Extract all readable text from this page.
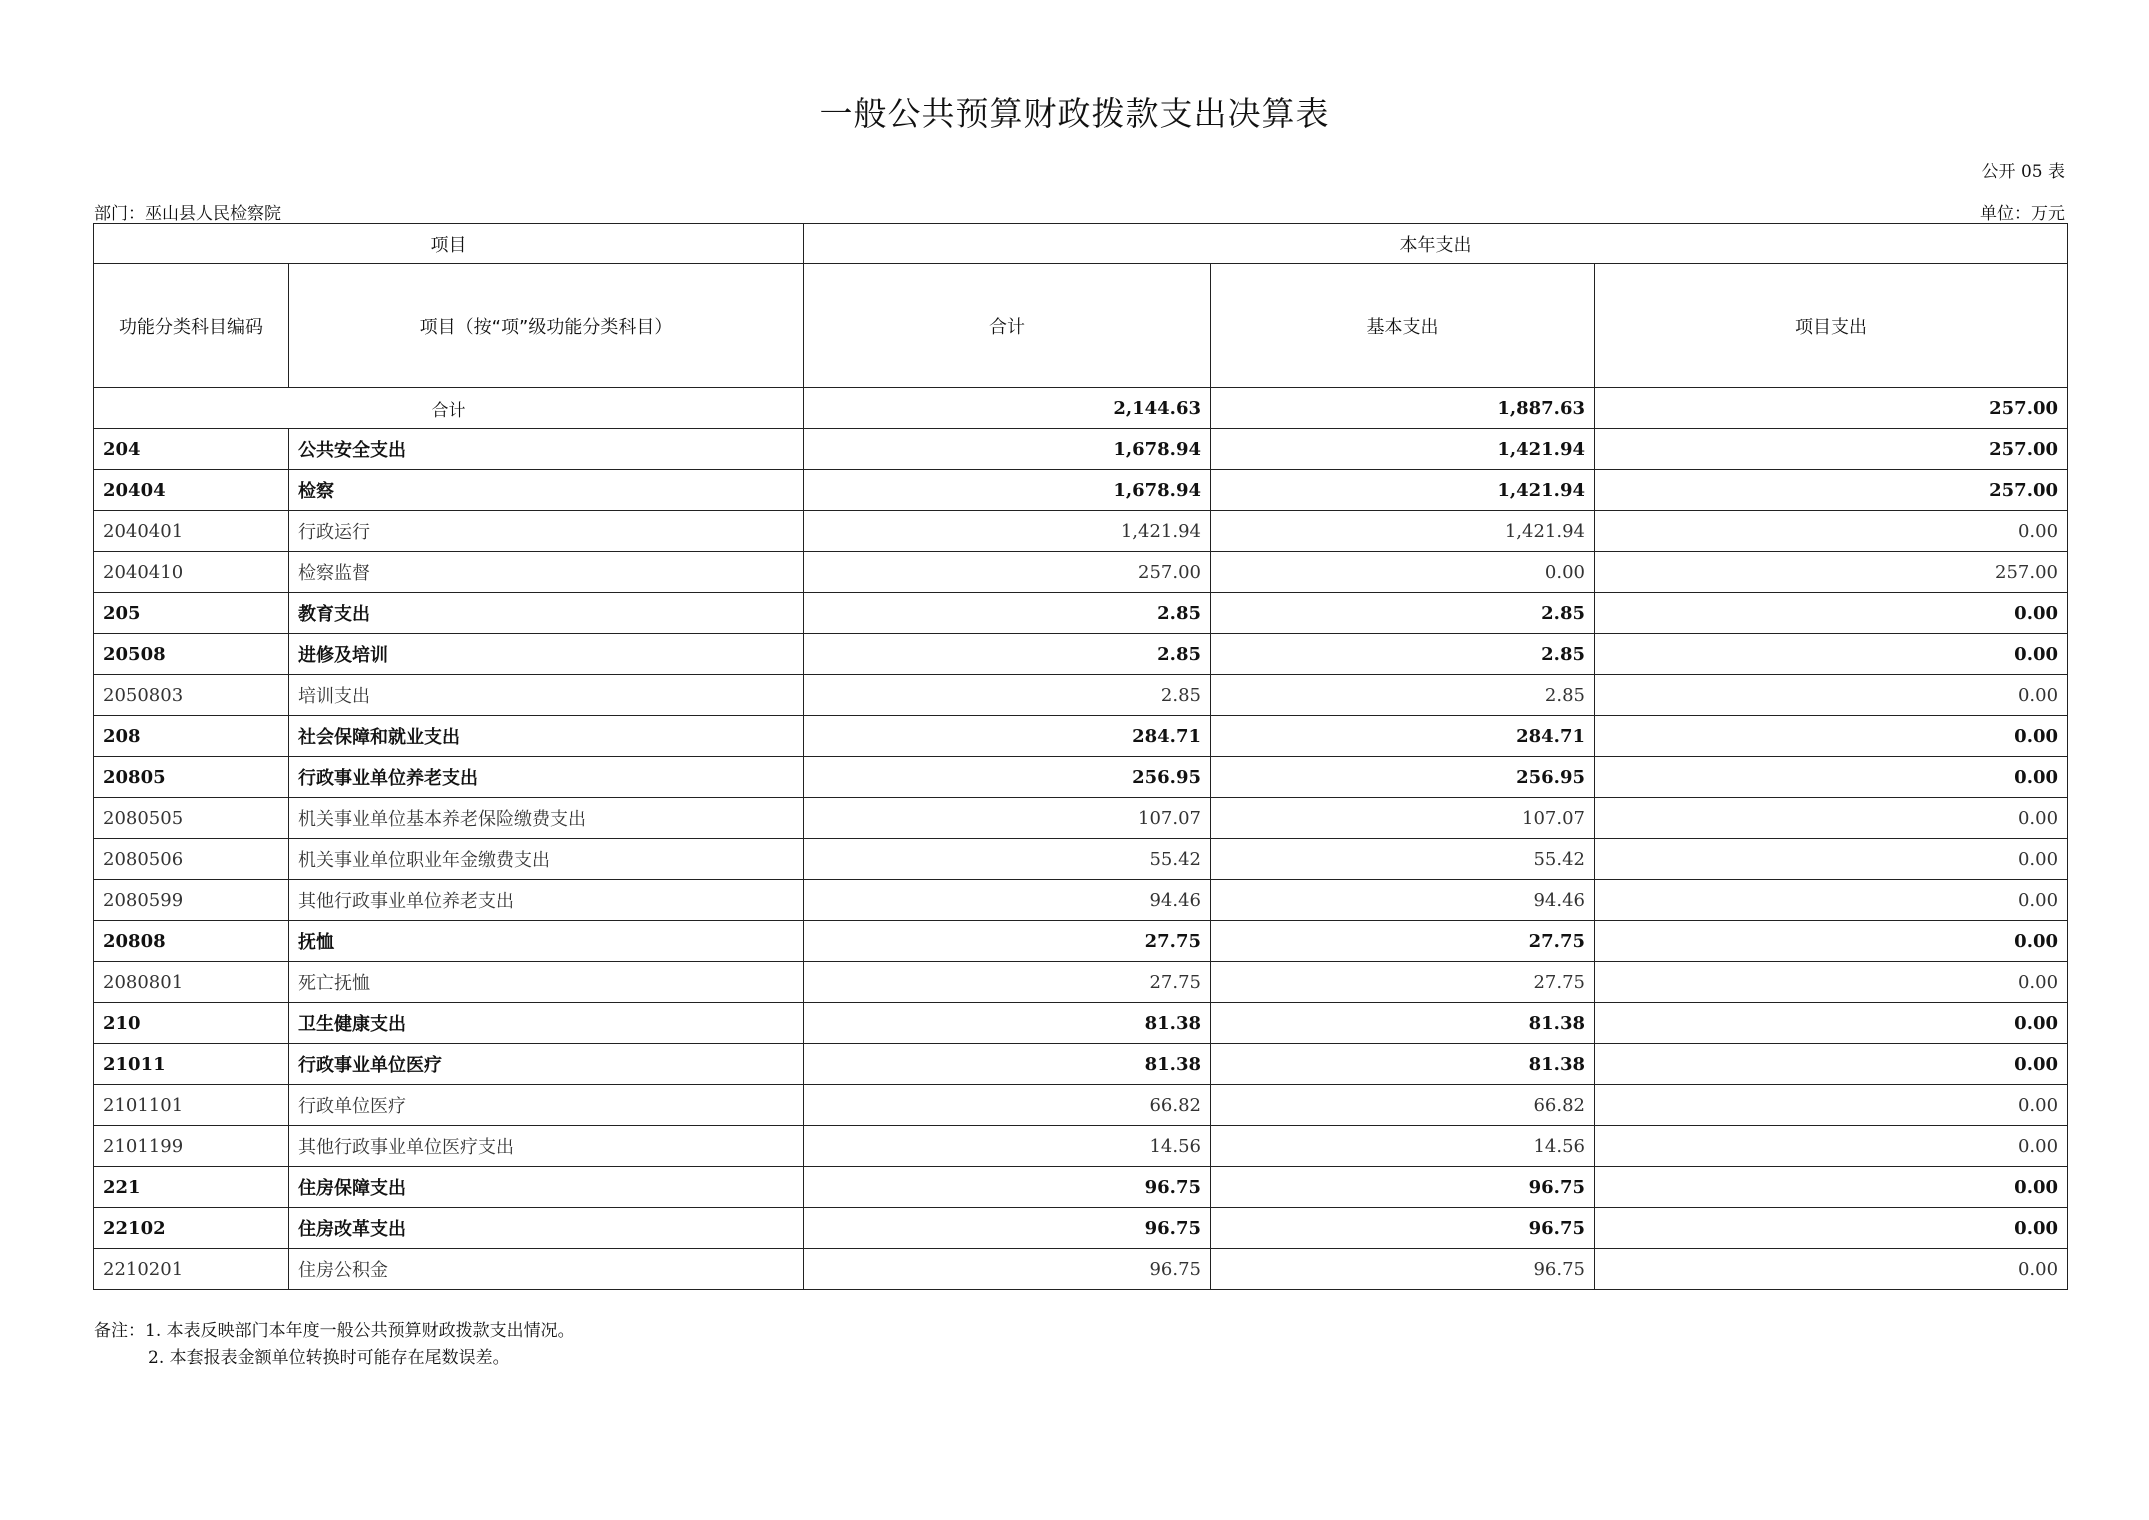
一般公共预算财政拨款支出决算表
公开 05 表
部门：巫山县人民检察院	单位：万元
项目		本年支出		
功能分类科目编码	项目（按“项”级功能分类科目）	合计	基本支出	项目支出
合计		2,144.63	1,887.63	257.00
204	公共安全支出	1,678.94	1,421.94	257.00
20404	检察	1,678.94	1,421.94	257.00
2040401	行政运行	1,421.94	1,421.94	0.00
2040410	检察监督	257.00	0.00	257.00
205	教育支出	2.85	2.85	0.00
20508	进修及培训	2.85	2.85	0.00
2050803	培训支出	2.85	2.85	0.00
208	社会保障和就业支出	284.71	284.71	0.00
20805	行政事业单位养老支出	256.95	256.95	0.00
2080505	机关事业单位基本养老保险缴费支出	107.07	107.07	0.00
2080506	机关事业单位职业年金缴费支出	55.42	55.42	0.00
2080599	其他行政事业单位养老支出	94.46	94.46	0.00
20808	抚恤	27.75	27.75	0.00
2080801	死亡抚恤	27.75	27.75	0.00
210	卫生健康支出	81.38	81.38	0.00
21011	行政事业单位医疗	81.38	81.38	0.00
2101101	行政单位医疗	66.82	66.82	0.00
2101199	其他行政事业单位医疗支出	14.56	14.56	0.00
221	住房保障支出	96.75	96.75	0.00
22102	住房改革支出	96.75	96.75	0.00
2210201	住房公积金	96.75	96.75	0.00
备注：1. 本表反映部门本年度一般公共预算财政拨款支出情况。
2. 本套报表金额单位转换时可能存在尾数误差。
